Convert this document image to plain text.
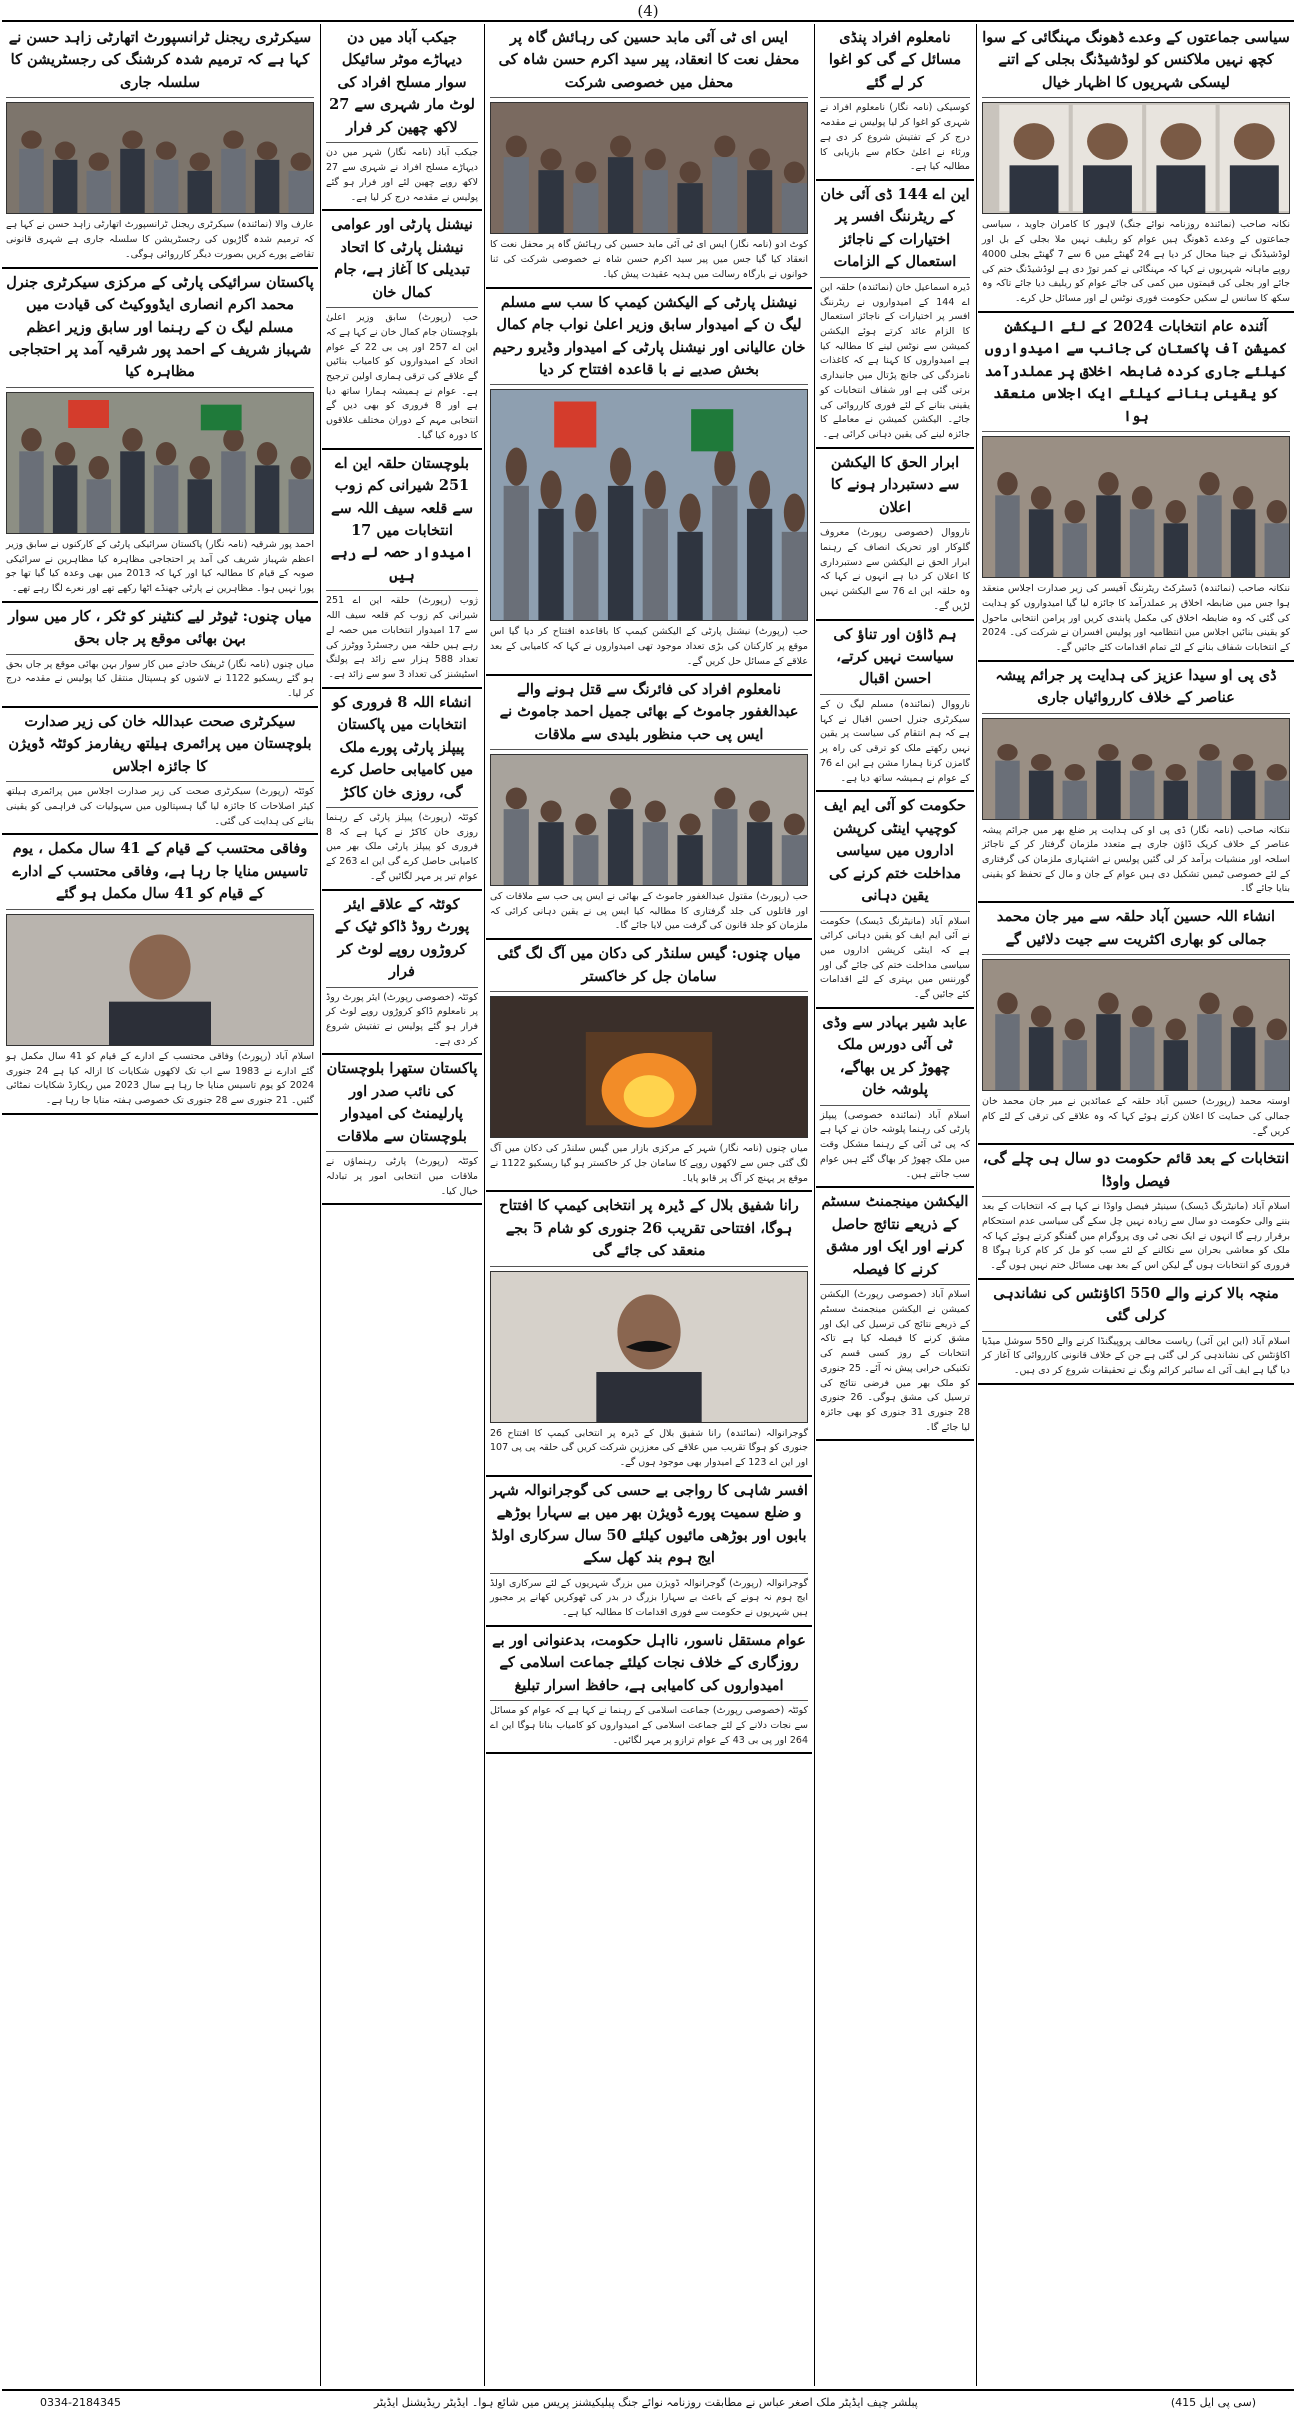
(4)
سیاسی جماعتوں کے وعدے ڈھونگ مہنگائی کے سوا کچھ نہیں ملاکنس کو لوڈشیڈنگ بجلی کے اتنے لیسکی شہریوں کا اظہار خیال

نکانہ صاحب (نمائندہ روزنامہ نوائے جنگ) لاہور کا کامران جاوید ، سیاسی جماعتوں کے وعدے ڈھونگ ہیں عوام کو ریلیف نہیں ملا بجلی کے بل اور لوڈشیڈنگ نے جینا محال کر دیا ہے 24 گھنٹے میں 6 سے 7 گھنٹے بجلی 4000 روپے ماہانہ شہریوں نے کہا کہ مہنگائی نے کمر توڑ دی ہے لوڈشیڈنگ ختم کی جائے اور بجلی کی قیمتوں میں کمی کی جائے عوام کو ریلیف دیا جائے تاکہ وہ سکھ کا سانس لے سکیں حکومت فوری نوٹس لے اور مسائل حل کرے۔

آئندہ عام انتخابات 2024 کے لئے الیکشن کمیشن آف پاکستان کی جانب سے امیدواروں کیلئے جاری کردہ ضابطہ اخلاق پر عملدرآمد کو یقینی بنانے کیلئے ایک اجلاس منعقد ہوا

ننکانہ صاحب (نمائندہ) ڈسٹرکٹ ریٹرننگ آفیسر کی زیر صدارت اجلاس منعقد ہوا جس میں ضابطہ اخلاق پر عملدرآمد کا جائزہ لیا گیا امیدواروں کو ہدایت کی گئی کہ وہ ضابطہ اخلاق کی مکمل پابندی کریں اور پرامن انتخابی ماحول کو یقینی بنائیں اجلاس میں انتظامیہ اور پولیس افسران نے شرکت کی۔ 2024 کے انتخابات شفاف بنانے کے لئے تمام اقدامات کئے جائیں گے۔

ڈی پی او سیدا عزیز کی ہدایت پر جرائم پیشہ عناصر کے خلاف کارروائیاں جاری

ننکانہ صاحب (نامہ نگار) ڈی پی او کی ہدایت پر ضلع بھر میں جرائم پیشہ عناصر کے خلاف کریک ڈاؤن جاری ہے متعدد ملزمان گرفتار کر کے ناجائز اسلحہ اور منشیات برآمد کر لی گئیں پولیس نے اشتہاری ملزمان کی گرفتاری کے لئے خصوصی ٹیمیں تشکیل دی ہیں عوام کے جان و مال کے تحفظ کو یقینی بنایا جائے گا۔

انشاء اللہ حسین آباد حلقہ سے میر جان محمد جمالی کو بھاری اکثریت سے جیت دلائیں گے

اوستہ محمد (رپورٹ) حسین آباد حلقہ کے عمائدین نے میر جان محمد خان جمالی کی حمایت کا اعلان کرتے ہوئے کہا کہ وہ علاقے کی ترقی کے لئے کام کریں گے۔

انتخابات کے بعد قائم حکومت دو سال ہی چلے گی، فیصل واوڈا

اسلام آباد (مانیٹرنگ ڈیسک) سینیٹر فیصل واوڈا نے کہا ہے کہ انتخابات کے بعد بننے والی حکومت دو سال سے زیادہ نہیں چل سکے گی سیاسی عدم استحکام برقرار رہے گا انہوں نے ایک نجی ٹی وی پروگرام میں گفتگو کرتے ہوئے کہا کہ ملک کو معاشی بحران سے نکالنے کے لئے سب کو مل کر کام کرنا ہوگا 8 فروری کو انتخابات ہوں گے لیکن اس کے بعد بھی مسائل ختم نہیں ہوں گے۔

منچہ بالا کرنے والے 550 اکاؤنٹس کی نشاندہی کرلی گئی

اسلام آباد (این این آئی) ریاست مخالف پروپیگنڈا کرنے والے 550 سوشل میڈیا اکاؤنٹس کی نشاندہی کر لی گئی ہے جن کے خلاف قانونی کارروائی کا آغاز کر دیا گیا ہے ایف آئی اے سائبر کرائم ونگ نے تحقیقات شروع کر دی ہیں۔

نامعلوم افراد پنڈی مسائل کے گی کو اغوا کر لے گئے

کوسیکی (نامہ نگار) نامعلوم افراد نے شہری کو اغوا کر لیا پولیس نے مقدمہ درج کر کے تفتیش شروع کر دی ہے ورثاء نے اعلیٰ حکام سے بازیابی کا مطالبہ کیا ہے۔

این اے 144 ڈی آئی خان کے ریٹرننگ افسر پر اختیارات کے ناجائز استعمال کے الزامات

ڈیرہ اسماعیل خان (نمائندہ) حلقہ این اے 144 کے امیدواروں نے ریٹرننگ افسر پر اختیارات کے ناجائز استعمال کا الزام عائد کرتے ہوئے الیکشن کمیشن سے نوٹس لینے کا مطالبہ کیا ہے امیدواروں کا کہنا ہے کہ کاغذات نامزدگی کی جانچ پڑتال میں جانبداری برتی گئی ہے اور شفاف انتخابات کو یقینی بنانے کے لئے فوری کارروائی کی جائے۔ الیکشن کمیشن نے معاملے کا جائزہ لینے کی یقین دہانی کرائی ہے۔

ابرار الحق کا الیکشن سے دستبردار ہونے کا اعلان

نارووال (خصوصی رپورٹ) معروف گلوکار اور تحریک انصاف کے رہنما ابرار الحق نے الیکشن سے دستبرداری کا اعلان کر دیا ہے انہوں نے کہا کہ وہ حلقہ این اے 76 سے الیکشن نہیں لڑیں گے۔

ہم ڈاؤن اور تناؤ کی سیاست نہیں کرتے، احسن اقبال

نارووال (نمائندہ) مسلم لیگ ن کے سیکرٹری جنرل احسن اقبال نے کہا ہے کہ ہم انتقام کی سیاست پر یقین نہیں رکھتے ملک کو ترقی کی راہ پر گامزن کرنا ہمارا مشن ہے این اے 76 کے عوام نے ہمیشہ ساتھ دیا ہے۔

حکومت کو آئی ایم ایف کوچیپ اینٹی کرپشن اداروں میں سیاسی مداخلت ختم کرنے کی یقین دہانی

اسلام آباد (مانیٹرنگ ڈیسک) حکومت نے آئی ایم ایف کو یقین دہانی کرائی ہے کہ اینٹی کرپشن اداروں میں سیاسی مداخلت ختم کی جائے گی اور گورننس میں بہتری کے لئے اقدامات کئے جائیں گے۔

عابد شیر بہادر سے وڈی ٹی آئی دورس ملک چھوڑ کر یں بھاگے، پلوشہ خان

اسلام آباد (نمائندہ خصوصی) پیپلز پارٹی کی رہنما پلوشہ خان نے کہا ہے کہ پی ٹی آئی کے رہنما مشکل وقت میں ملک چھوڑ کر بھاگ گئے ہیں عوام سب جانتے ہیں۔

الیکشن مینجمنٹ سسٹم کے ذریعے نتائج حاصل کرنے اور ایک اور مشق کرنے کا فیصلہ

اسلام آباد (خصوصی رپورٹ) الیکشن کمیشن نے الیکشن مینجمنٹ سسٹم کے ذریعے نتائج کی ترسیل کی ایک اور مشق کرنے کا فیصلہ کیا ہے تاکہ انتخابات کے روز کسی قسم کی تکنیکی خرابی پیش نہ آئے۔ 25 جنوری کو ملک بھر میں فرضی نتائج کی ترسیل کی مشق ہوگی۔ 26 جنوری 28 جنوری 31 جنوری کو بھی جائزہ لیا جائے گا۔

ایس ای ٹی آئی مابد حسین کی رہائش گاہ پر محفل نعت کا انعقاد، پیر سید اکرم حسن شاہ کی محفل میں خصوصی شرکت

کوٹ ادو (نامہ نگار) ایس ای ٹی آئی مابد حسین کی رہائش گاہ پر محفل نعت کا انعقاد کیا گیا جس میں پیر سید اکرم حسن شاہ نے خصوصی شرکت کی ثنا خوانوں نے بارگاہ رسالت میں ہدیہ عقیدت پیش کیا۔

نیشنل پارٹی کے الیکشن کیمپ کا سب سے مسلم لیگ ن کے امیدوار سابق وزیر اعلیٰ نواب جام کمال خان عالیانی اور نیشنل پارٹی کے امیدوار وڈیرو رحیم بخش صدیے نے با قاعدہ افتتاح کر دیا

حب (رپورٹ) نیشنل پارٹی کے الیکشن کیمپ کا باقاعدہ افتتاح کر دیا گیا اس موقع پر کارکنان کی بڑی تعداد موجود تھی امیدواروں نے کہا کہ کامیابی کے بعد علاقے کے مسائل حل کریں گے۔

نامعلوم افراد کی فائرنگ سے قتل ہونے والے عبدالغفور جاموٹ کے بھائی جمیل احمد جاموٹ نے ایس پی حب منظور بلیدی سے ملاقات

حب (رپورٹ) مقتول عبدالغفور جاموٹ کے بھائی نے ایس پی حب سے ملاقات کی اور قاتلوں کی جلد گرفتاری کا مطالبہ کیا ایس پی نے یقین دہانی کرائی کہ ملزمان کو جلد قانون کی گرفت میں لایا جائے گا۔

میاں چنوں: گیس سلنڈر کی دکان میں آگ لگ گئی سامان جل کر خاکستر

میاں چنوں (نامہ نگار) شہر کے مرکزی بازار میں گیس سلنڈر کی دکان میں آگ لگ گئی جس سے لاکھوں روپے کا سامان جل کر خاکستر ہو گیا ریسکیو 1122 نے موقع پر پہنچ کر آگ پر قابو پایا۔

رانا شفیق بلال کے ڈیرہ پر انتخابی کیمپ کا افتتاح ہوگا، افتتاحی تقریب 26 جنوری کو شام 5 بجے منعقد کی جائے گی

گوجرانوالہ (نمائندہ) رانا شفیق بلال کے ڈیرہ پر انتخابی کیمپ کا افتتاح 26 جنوری کو ہوگا تقریب میں علاقے کی معززین شرکت کریں گی حلقہ پی پی 107 اور این اے 123 کے امیدوار بھی موجود ہوں گے۔

افسر شاہی کا رواجی بے حسی کی گوجرانوالہ شہر و ضلع سمیت پورے ڈویژن بھر میں بے سہارا بوڑھے بابوں اور بوڑھی مائیوں کیلئے 50 سال سرکاری اولڈ ایج ہوم بند کھل سکے

گوجرانوالہ (رپورٹ) گوجرانوالہ ڈویژن میں بزرگ شہریوں کے لئے سرکاری اولڈ ایج ہوم نہ ہونے کے باعث بے سہارا بزرگ در بدر کی ٹھوکریں کھانے پر مجبور ہیں شہریوں نے حکومت سے فوری اقدامات کا مطالبہ کیا ہے۔

عوام مستقل ناسور، نااہل حکومت، بدعنوانی اور بے روزگاری کے خلاف نجات کیلئے جماعت اسلامی کے امیدواروں کی کامیابی ہے، حافظ اسرار تبلیغ

کوئٹہ (خصوصی رپورٹ) جماعت اسلامی کے رہنما نے کہا ہے کہ عوام کو مسائل سے نجات دلانے کے لئے جماعت اسلامی کے امیدواروں کو کامیاب بنانا ہوگا این اے 264 اور پی بی 43 کے عوام ترازو پر مہر لگائیں۔

جیکب آباد میں دن دیہاڑے موٹر سائیکل سوار مسلح افراد کی لوٹ مار شہری سے 27 لاکھ چھین کر فرار

جیکب آباد (نامہ نگار) شہر میں دن دیہاڑے مسلح افراد نے شہری سے 27 لاکھ روپے چھین لئے اور فرار ہو گئے پولیس نے مقدمہ درج کر لیا ہے۔

نیشنل پارٹی اور عوامی نیشنل پارٹی کا اتحاد تبدیلی کا آغاز ہے، جام کمال خان

حب (رپورٹ) سابق وزیر اعلیٰ بلوچستان جام کمال خان نے کہا ہے کہ این اے 257 اور پی بی 22 کے عوام اتحاد کے امیدواروں کو کامیاب بنائیں گے علاقے کی ترقی ہماری اولین ترجیح ہے۔ عوام نے ہمیشہ ہمارا ساتھ دیا ہے اور 8 فروری کو بھی دیں گے انتخابی مہم کے دوران مختلف علاقوں کا دورہ کیا گیا۔

بلوچستان حلقہ این اے 251 شیرانی کم زوب سے قلعہ سیف اللہ سے انتخابات میں 17 امیدوار حصہ لے رہے ہیں

ژوب (رپورٹ) حلقہ این اے 251 شیرانی کم زوب کم قلعہ سیف اللہ سے 17 امیدوار انتخابات میں حصہ لے رہے ہیں حلقہ میں رجسٹرڈ ووٹرز کی تعداد 588 ہزار سے زائد ہے پولنگ اسٹیشنز کی تعداد 3 سو سے زائد ہے۔

انشاء اللہ 8 فروری کو انتخابات میں پاکستان پیپلز پارٹی پورے ملک میں کامیابی حاصل کرے گی، روزی خان کاکڑ

کوئٹہ (رپورٹ) پیپلز پارٹی کے رہنما روزی خان کاکڑ نے کہا ہے کہ 8 فروری کو پیپلز پارٹی ملک بھر میں کامیابی حاصل کرے گی این اے 263 کے عوام تیر پر مہر لگائیں گے۔

کوئٹہ کے علاقے ایئر پورٹ روڈ ڈاکو ٹیک کے کروڑوں روپے لوٹ کر فرار

کوئٹہ (خصوصی رپورٹ) ایئر پورٹ روڈ پر نامعلوم ڈاکو کروڑوں روپے لوٹ کر فرار ہو گئے پولیس نے تفتیش شروع کر دی ہے۔

پاکستان ستھرا بلوچستان کی نائب صدر اور پارلیمنٹ کی امیدوار بلوچستان سے ملاقات

کوئٹہ (رپورٹ) پارٹی رہنماؤں نے ملاقات میں انتخابی امور پر تبادلہ خیال کیا۔

سیکرٹری ریجنل ٹرانسپورٹ اتھارٹی زاہد حسن نے کہا ہے کہ ترمیم شدہ کرشنگ کی رجسٹریشن کا سلسلہ جاری

عارف والا (نمائندہ) سیکرٹری ریجنل ٹرانسپورٹ اتھارٹی زاہد حسن نے کہا ہے کہ ترمیم شدہ گاڑیوں کی رجسٹریشن کا سلسلہ جاری ہے شہری قانونی تقاضے پورے کریں بصورت دیگر کارروائی ہوگی۔

پاکستان سرائیکی پارٹی کے مرکزی سیکرٹری جنرل محمد اکرم انصاری ایڈووکیٹ کی قیادت میں مسلم لیگ ن کے رہنما اور سابق وزیر اعظم شہباز شریف کے احمد پور شرقیہ آمد پر احتجاجی مظاہرہ کیا

احمد پور شرقیہ (نامہ نگار) پاکستان سرائیکی پارٹی کے کارکنوں نے سابق وزیر اعظم شہباز شریف کی آمد پر احتجاجی مظاہرہ کیا مظاہرین نے سرائیکی صوبہ کے قیام کا مطالبہ کیا اور کہا کہ 2013 میں بھی وعدہ کیا گیا تھا جو پورا نہیں ہوا۔ مظاہرین نے پارٹی جھنڈے اٹھا رکھے تھے اور نعرے لگا رہے تھے۔

میاں چنوں: ٹیوٹر لیے کنٹینر کو ٹکر ، کار میں سوار بہن بھائی موقع پر جاں بحق

میاں چنوں (نامہ نگار) ٹریفک حادثے میں کار سوار بہن بھائی موقع پر جاں بحق ہو گئے ریسکیو 1122 نے لاشوں کو ہسپتال منتقل کیا پولیس نے مقدمہ درج کر لیا۔

سیکرٹری صحت عبداللہ خان کی زیر صدارت بلوچستان میں پرائمری ہیلتھ ریفارمز کوئٹہ ڈویژن کا جائزہ اجلاس

کوئٹہ (رپورٹ) سیکرٹری صحت کی زیر صدارت اجلاس میں پرائمری ہیلتھ کیئر اصلاحات کا جائزہ لیا گیا ہسپتالوں میں سہولیات کی فراہمی کو یقینی بنانے کی ہدایت کی گئی۔

وفاقی محتسب کے قیام کے 41 سال مکمل ، یوم تاسیس منایا جا رہا ہے، وفاقی محتسب کے ادارے کے قیام کو 41 سال مکمل ہو گئے

اسلام آباد (رپورٹ) وفاقی محتسب کے ادارے کے قیام کو 41 سال مکمل ہو گئے ادارے نے 1983 سے اب تک لاکھوں شکایات کا ازالہ کیا ہے 24 جنوری 2024 کو یوم تاسیس منایا جا رہا ہے سال 2023 میں ریکارڈ شکایات نمٹائی گئیں۔ 21 جنوری سے 28 جنوری تک خصوصی ہفتہ منایا جا رہا ہے۔

(سی پی ایل 415)
پبلشر چیف ایڈیٹر ملک اصغر عباس نے مطابقت روزنامہ نوائے جنگ پبلیکیشنز پریس میں شائع ہوا۔ ایڈیٹر ریڈیشنل ایڈیٹر
0334-2184345
